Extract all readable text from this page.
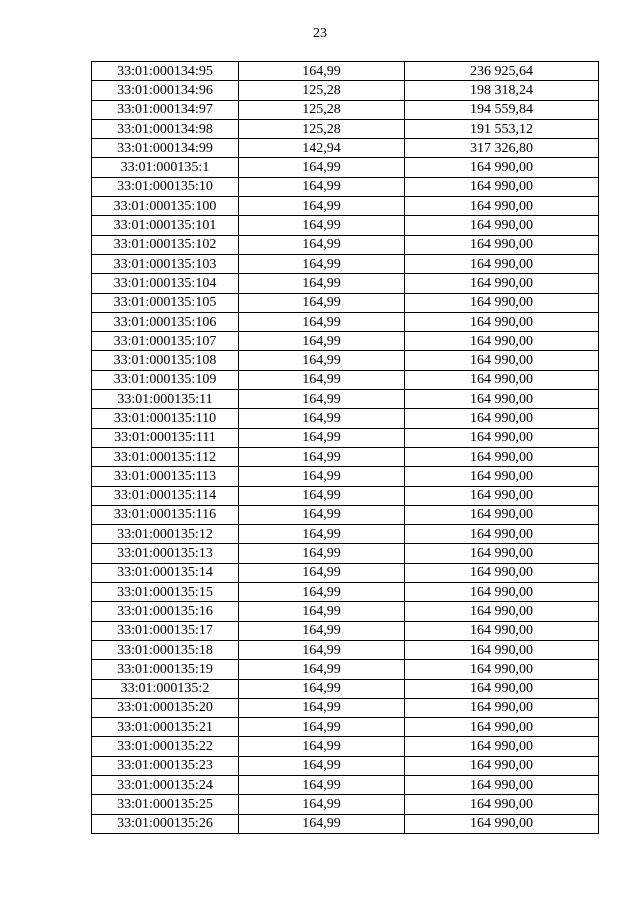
23
33:01:000134:95	164,99	236 925,64
33:01:000134:96	125,28	198 318,24
33:01:000134:97	125,28	194 559,84
33:01:000134:98	125,28	191 553,12
33:01:000134:99	142,94	317 326,80
33:01:000135:1	164,99	164 990,00
33:01:000135:10	164,99	164 990,00
33:01:000135:100	164,99	164 990,00
33:01:000135:101	164,99	164 990,00
33:01:000135:102	164,99	164 990,00
33:01:000135:103	164,99	164 990,00
33:01:000135:104	164,99	164 990,00
33:01:000135:105	164,99	164 990,00
33:01:000135:106	164,99	164 990,00
33:01:000135:107	164,99	164 990,00
33:01:000135:108	164,99	164 990,00
33:01:000135:109	164,99	164 990,00
33:01:000135:11	164,99	164 990,00
33:01:000135:110	164,99	164 990,00
33:01:000135:111	164,99	164 990,00
33:01:000135:112	164,99	164 990,00
33:01:000135:113	164,99	164 990,00
33:01:000135:114	164,99	164 990,00
33:01:000135:116	164,99	164 990,00
33:01:000135:12	164,99	164 990,00
33:01:000135:13	164,99	164 990,00
33:01:000135:14	164,99	164 990,00
33:01:000135:15	164,99	164 990,00
33:01:000135:16	164,99	164 990,00
33:01:000135:17	164,99	164 990,00
33:01:000135:18	164,99	164 990,00
33:01:000135:19	164,99	164 990,00
33:01:000135:2	164,99	164 990,00
33:01:000135:20	164,99	164 990,00
33:01:000135:21	164,99	164 990,00
33:01:000135:22	164,99	164 990,00
33:01:000135:23	164,99	164 990,00
33:01:000135:24	164,99	164 990,00
33:01:000135:25	164,99	164 990,00
33:01:000135:26	164,99	164 990,00
